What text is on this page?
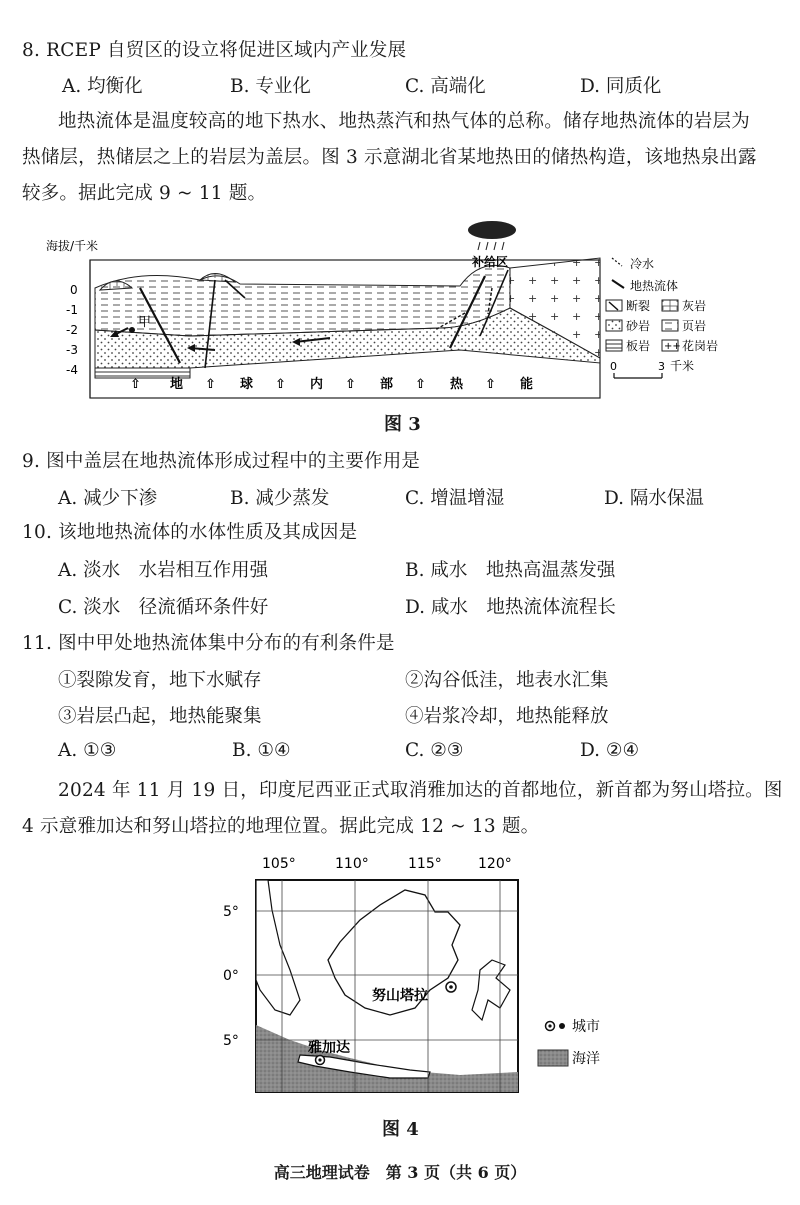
8. RCEP 自贸区的设立将促进区域内产业发展
A. 均衡化	B. 专业化	C. 高端化	D. 同质化
地热流体是温度较高的地下热水、地热蒸汽和热气体的总称。储存地热流体的岩层为
热储层，热储层之上的岩层为盖层。图 3 示意湖北省某地热田的储热构造，该地热泉出露
较多。据此完成 9 ~ 11 题。
海拔/千米
0
-1
-2
-3
-4
甲
补给区
⇧ 地 ⇧ 球 ⇧ 内 ⇧ 部 ⇧ 热 ⇧ 能
冷水
地热流体
断裂	灰岩
砂岩	页岩
板岩 ++ 花岗岩
0	3 千米
图 3
9. 图中盖层在地热流体形成过程中的主要作用是
A. 减少下渗	B. 减少蒸发	C. 增温增湿	D. 隔水保温
10. 该地地热流体的水体性质及其成因是
A. 淡水　水岩相互作用强	B. 咸水　地热高温蒸发强
C. 淡水　径流循环条件好	D. 咸水　地热流体流程长
11. 图中甲处地热流体集中分布的有利条件是
①裂隙发育，地下水赋存	②沟谷低洼，地表水汇集
③岩层凸起，地热能聚集	④岩浆冷却，地热能释放
A. ①③	B. ①④	C. ②③	D. ②④
2024 年 11 月 19 日，印度尼西亚正式取消雅加达的首都地位，新首都为努山塔拉。图
4 示意雅加达和努山塔拉的地理位置。据此完成 12 ~ 13 题。
105°	110°	115°	120°
5°
0°
5°
努山塔拉
雅加达
城市
海洋
图 4
高三地理试卷　第 3 页（共 6 页）
